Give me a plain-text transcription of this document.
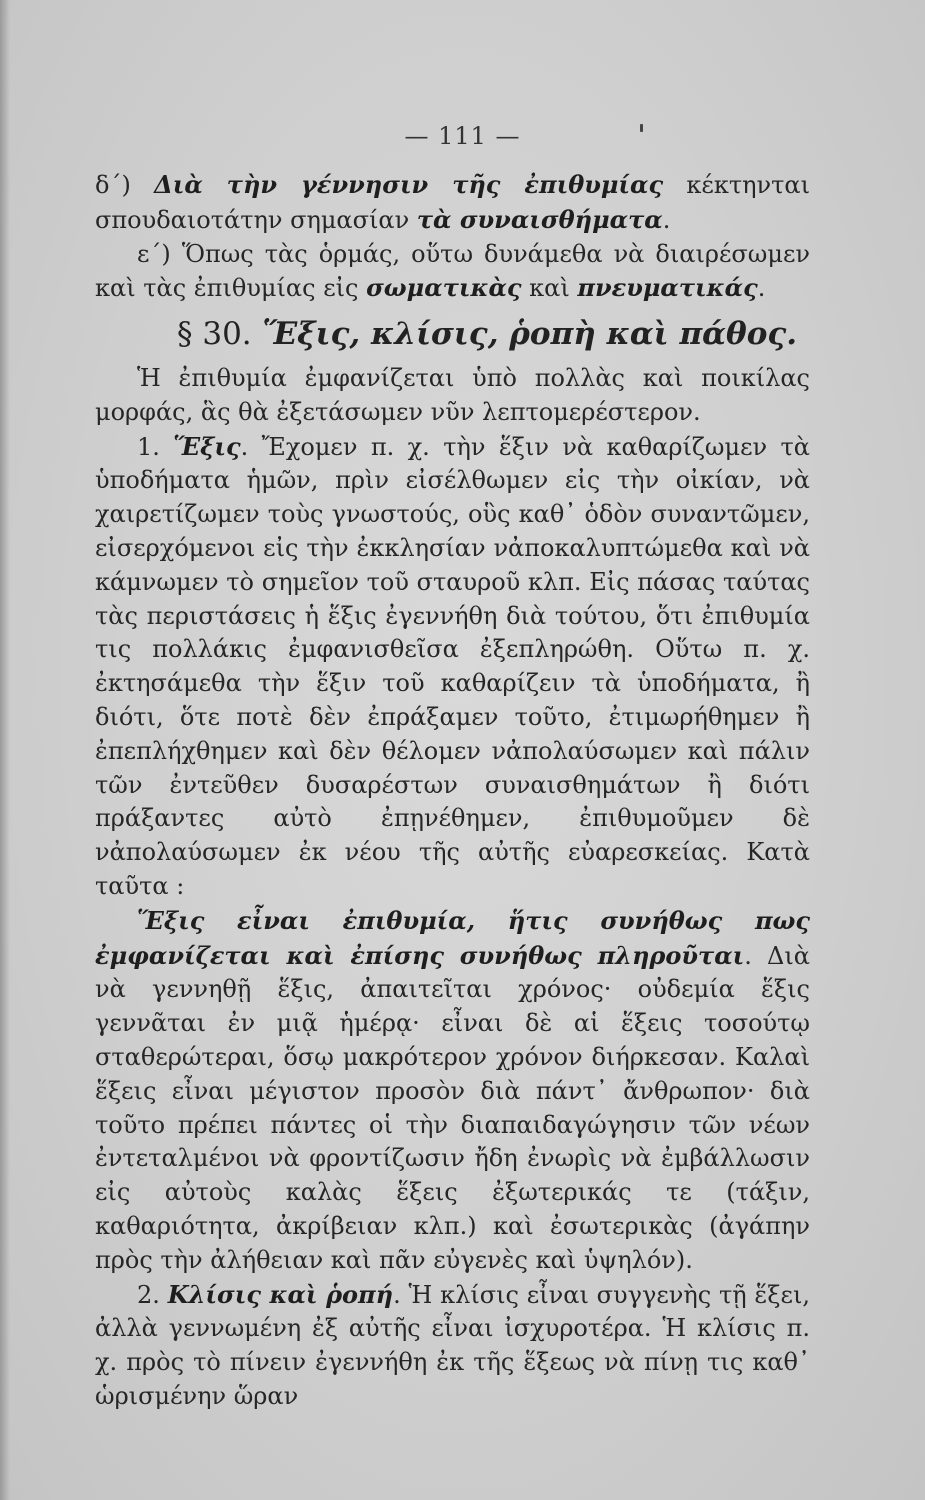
— 111 —

δ΄) Διὰ τὴν γέννησιν τῆς ἐπιθυμίας κέκτηνται σπουδαιοτάτην σημασίαν τὰ συναισθήματα.

ε΄) Ὅπως τὰς ὁρμάς, οὕτω δυνάμεθα νὰ διαιρέσωμεν καὶ τὰς ἐπιθυμίας εἰς σωματικὰς καὶ πνευματικάς.

§ 30. Ἕξις, κλίσις, ῥοπὴ καὶ πάθος.

Ἡ ἐπιθυμία ἐμφανίζεται ὑπὸ πολλὰς καὶ ποικίλας μορφάς, ἃς θὰ ἐξετάσωμεν νῦν λεπτομερέστερον.

1. Ἕξις. Ἔχομεν π. χ. τὴν ἕξιν νὰ καθαρίζωμεν τὰ ὑποδήματα ἡμῶν, πρὶν εἰσέλθωμεν εἰς τὴν οἰκίαν, νὰ χαιρετίζωμεν τοὺς γνωστούς, οὓς καθ᾿ ὁδὸν συναντῶμεν, εἰσερχόμενοι εἰς τὴν ἐκκλησίαν νἀποκαλυπτώμεθα καὶ νὰ κάμνωμεν τὸ σημεῖον τοῦ σταυροῦ κλπ. Εἰς πάσας ταύτας τὰς περιστάσεις ἡ ἕξις ἐγεννήθη διὰ τούτου, ὅτι ἐπιθυμία τις πολλάκις ἐμφανισθεῖσα ἐξεπληρώθη. Οὕτω π. χ. ἐκτησάμεθα τὴν ἕξιν τοῦ καθαρίζειν τὰ ὑποδήματα, ἢ διότι, ὅτε ποτὲ δὲν ἐπράξαμεν τοῦτο, ἐτιμωρήθημεν ἢ ἐπεπλήχθημεν καὶ δὲν θέλομεν νἀπολαύσωμεν καὶ πάλιν τῶν ἐντεῦθεν δυσαρέστων συναισθημάτων ἢ διότι πράξαντες αὐτὸ ἐπῃνέθημεν, ἐπιθυμοῦμεν δὲ νἀπολαύσωμεν ἐκ νέου τῆς αὐτῆς εὐαρεσκείας. Κατὰ ταῦτα :

Ἕξις εἶναι ἐπιθυμία, ἥτις συνήθως πως ἐμφανίζεται καὶ ἐπίσης συνήθως πληροῦται. Διὰ νὰ γεννηθῇ ἕξις, ἀπαιτεῖται χρόνος· οὐδεμία ἕξις γεννᾶται ἐν μιᾷ ἡμέρᾳ· εἶναι δὲ αἱ ἕξεις τοσούτῳ σταθερώτεραι, ὅσῳ μακρότερον χρόνον διήρκεσαν. Καλαὶ ἕξεις εἶναι μέγιστον προσὸν διὰ πάντ᾿ ἄνθρωπον· διὰ τοῦτο πρέπει πάντες οἱ τὴν διαπαιδαγώγησιν τῶν νέων ἐντεταλμένοι νὰ φροντίζωσιν ἤδη ἐνωρὶς νὰ ἐμβάλλωσιν εἰς αὐτοὺς καλὰς ἕξεις ἐξωτερικάς τε (τάξιν, καθαριότητα, ἀκρίβειαν κλπ.) καὶ ἐσωτερικὰς (ἀγάπην πρὸς τὴν ἀλήθειαν καὶ πᾶν εὐγενὲς καὶ ὑψηλόν).

2. Κλίσις καὶ ῥοπή. Ἡ κλίσις εἶναι συγγενὴς τῇ ἕξει, ἀλλὰ γεννωμένη ἐξ αὐτῆς εἶναι ἰσχυροτέρα. Ἡ κλίσις π. χ. πρὸς τὸ πίνειν ἐγεννήθη ἐκ τῆς ἕξεως νὰ πίνῃ τις καθ᾿ ὡρισμένην ὥραν
